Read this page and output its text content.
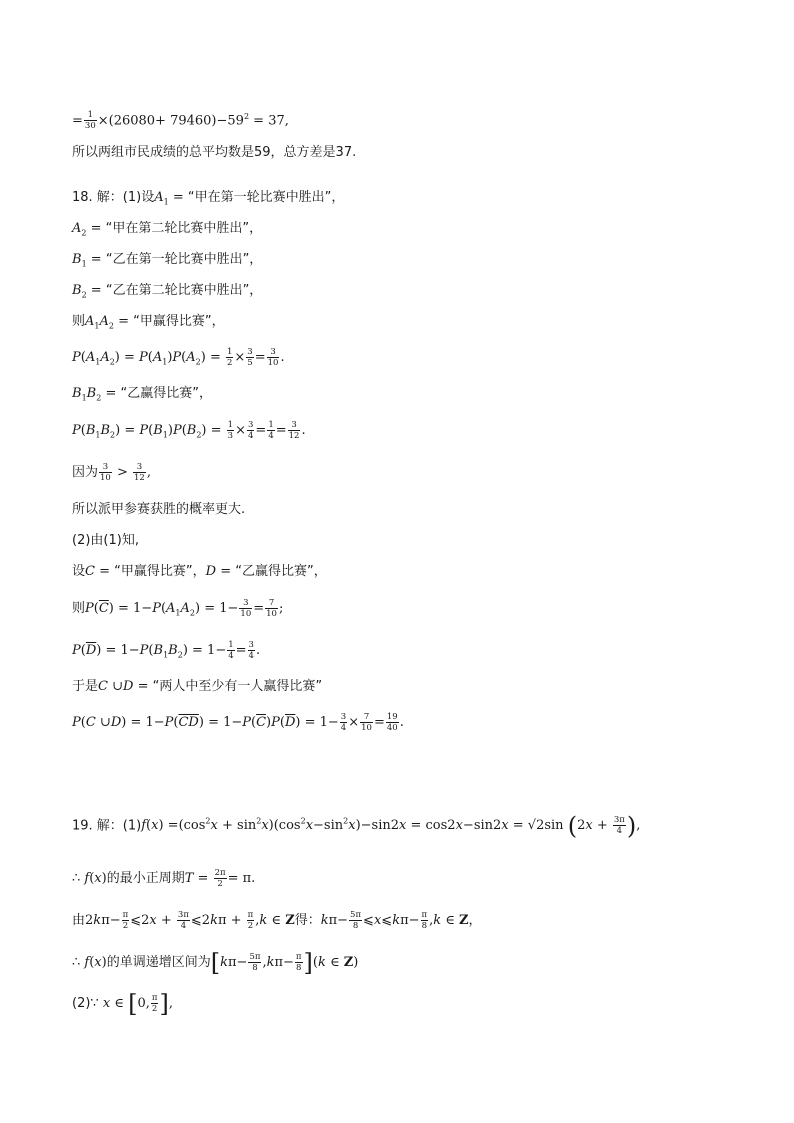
= $\frac{1}{30} \times(26080+ 79460)-59^2 = 37$,
所以两组市民成绩的总平均数是59，总方差是37.
18. 解：(1)设$A_1$ = “甲在第一轮比赛中胜出”，
$A_2$ = “甲在第二轮比赛中胜出”，
$B_1$ = “乙在第一轮比赛中胜出”，
$B_2$ = “乙在第二轮比赛中胜出”，
则$A_1A_2$ = “甲赢得比赛”，
$P(A_1A_2) = P(A_1)P(A_2) = \frac{1}{2} \times \frac{3}{5} = \frac{3}{10}$ .
$B_1B_2$ = “乙赢得比赛”，
$P(B_1B_2) = P(B_1)P(B_2) = \frac{1}{3} \times \frac{3}{4} = \frac{1}{4} = \frac{3}{12}$ .
因为 $\frac{3}{10} > \frac{3}{12}$ ,
所以派甲参赛获胜的概率更大.
(2)由(1)知,
设C = “甲赢得比赛”，D = “乙赢得比赛”，
则$P(\overline{C}) = 1-P(A_1A_2) = 1- \frac{3}{10} = \frac{7}{10}$ ;
$P(\overline{D}) = 1-P(B_1B_2) = 1- \frac{1}{4} = \frac{3}{4}$ .
于是C ∪D = “两人中至少有一人赢得比赛”
P(C ∪D) = $1-P(\overline{CD}) = 1-P(\overline{C})P(\overline{D}) = 1- \frac{3}{4} \times \frac{7}{10} = \frac{19}{40}$ .
19. 解：$(1)f(x) =(\cos^2x + \sin^2x)(\cos^2x-\sin^2x)-\sin 2x = \cos 2x-\sin 2x = √2\sin$ ($2x + \frac{3\pi}{4}$ ),
∴ f(x)的最小正周期$T = \frac{2\pi}{2} = \pi$.
由$2k\pi- \frac{\pi}{2}$ ⩽2x + $\frac{3\pi}{4}$ ⩽2kπ + $\frac{\pi}{2} ,k$ ∈ Z得：$k\pi- \frac{5\pi}{8}$ ⩽x⩽kπ− $\frac{\pi}{8} ,k$ ∈ Z，
∴ f(x)的单调递增区间为$[k\pi- \frac{5\pi}{8} ,k\pi- \frac{\pi}{8} ](k$ ∈ Z)
(2)∵ x ∈ [0, $\frac{\pi}{2}$ ],
